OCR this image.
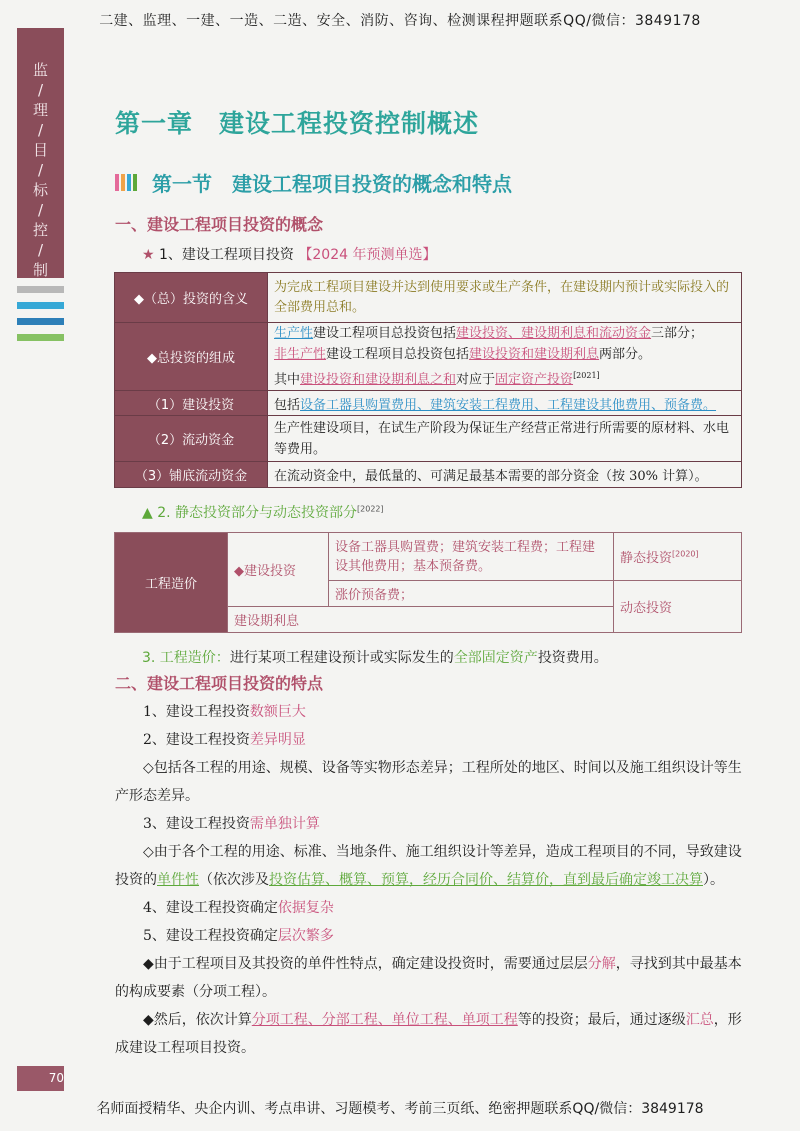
二建、监理、一建、一造、二造、安全、消防、咨询、检测课程押题联系QQ/微信：3849178
名师面授精华、央企内训、考点串讲、习题模考、考前三页纸、绝密押题联系QQ/微信：3849178
监
/
理
/
目
/
标
/
控
/
制
70
第一章　建设工程投资控制概述
第一节　建设工程项目投资的概念和特点
一、建设工程项目投资的概念
★ 1、建设工程项目投资 【2024 年预测单选】
◆（总）投资的含义	为完成工程项目建设并达到使用要求或生产条件，在建设期内预计或实际投入的全部费用总和。
◆总投资的组成	生产性建设工程项目总投资包括建设投资、建设期利息和流动资金三部分；
非生产性建设工程项目总投资包括建设投资和建设期利息两部分。
其中建设投资和建设期利息之和对应于固定资产投资[2021]

（1）建设投资	包括设备工器具购置费用、建筑安装工程费用、工程建设其他费用、预备费。
（2）流动资金	生产性建设项目，在试生产阶段为保证生产经营正常进行所需要的原材料、水电等费用。
（3）铺底流动资金	在流动资金中，最低量的、可满足最基本需要的部分资金（按 30% 计算）。
▲ 2. 静态投资部分与动态投资部分[2022]
工程造价	◆建设投资	设备工器具购置费；建筑安装工程费；工程建设其他费用；基本预备费。	静态投资[2020]
		涨价预备费；	动态投资
	建设期利息		
3. 工程造价：进行某项工程建设预计或实际发生的全部固定资产投资费用。
二、建设工程项目投资的特点
1、建设工程投资数额巨大
2、建设工程投资差异明显
◇包括各工程的用途、规模、设备等实物形态差异；工程所处的地区、时间以及施工组织设计等生产形态差异。
3、建设工程投资需单独计算
◇由于各个工程的用途、标准、当地条件、施工组织设计等差异，造成工程项目的不同，导致建设投资的单件性（依次涉及投资估算、概算、预算，经历合同价、结算价，直到最后确定竣工决算）。
4、建设工程投资确定依据复杂
5、建设工程投资确定层次繁多
◆由于工程项目及其投资的单件性特点，确定建设投资时，需要通过层层分解，寻找到其中最基本的构成要素（分项工程）。
◆然后，依次计算分项工程、分部工程、单位工程、单项工程等的投资；最后，通过逐级汇总，形成建设工程项目投资。
